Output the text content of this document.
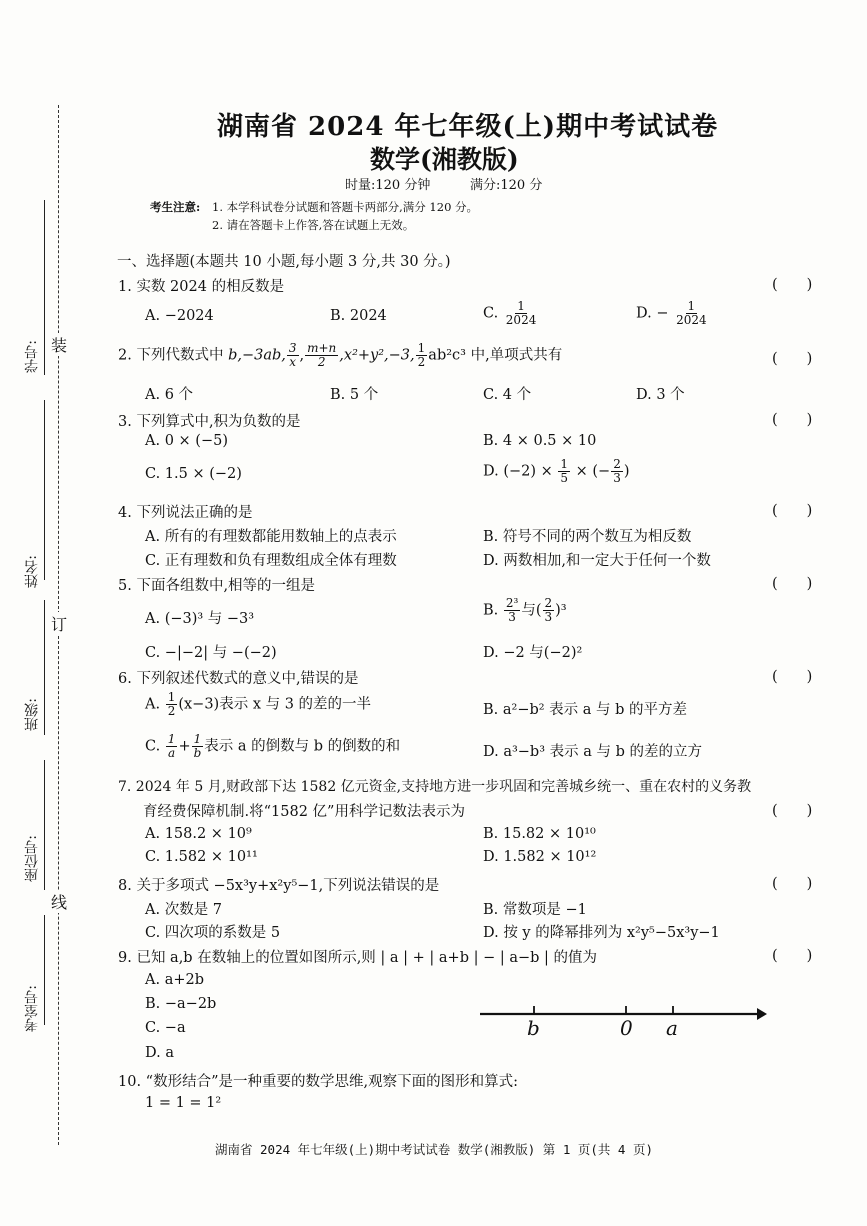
学号:
姓名:
班级:
座位号:
考室号:
装
订
线
湖南省 2024 年七年级(上)期中考试试卷
数学(湘教版)
时量:120 分钟	满分:120 分
考生注意: 1. 本学科试卷分试题和答题卡两部分,满分 120 分。
2. 请在答题卡上作答,答在试题上无效。
一、选择题(本题共 10 小题,每小题 3 分,共 30 分。)
1. 实数 2024 的相反数是	(　　)
A. −2024	B. 2024	C. $\frac{1}{2024}$	D. − $\frac{1}{2024}$
2. 下列代数式中 b,−3ab, $\frac{3}{x}$ , $\frac{m+n}{2} ,x^2+y^2,-3$, $\frac{1}{2} ab^2c^3$ 中,单项式共有	(　　)
A. 6 个	B. 5 个	C. 4 个	D. 3 个
3. 下列算式中,积为负数的是	(　　)
A. 0 × (−5)	B. 4 × 0.5 × 10
C. 1.5 × (−2)	D. $(-2) \times \frac{1}{5}$ × (− $\frac{2}{3}$ )
4. 下列说法正确的是	(　　)
A. 所有的有理数都能用数轴上的点表示	B. 符号不同的两个数互为相反数
C. 正有理数和负有理数组成全体有理数	D. 两数相加,和一定大于任何一个数
5. 下面各组数中,相等的一组是	(　　)
A. (−3)³ 与 −3³
B. $\frac{\text{2³}}{3}$ 与( $\frac{2}{3} )^3$
C. −|−2| 与 −(−2)	D. −2 与(−2)²
6. 下列叙述代数式的意义中,错误的是	(　　)
A. $\frac{1}{2} (x-3)$表示 x 与 3 的差的一半	B. a²−b² 表示 a 与 b 的平方差
C. $\frac{1}{a} + \frac{1}{b}$ 表示 a 的倒数与 b 的倒数的和	D. a³−b³ 表示 a 与 b 的差的立方
7. 2024 年 5 月,财政部下达 1582 亿元资金,支持地方进一步巩固和完善城乡统一、重在农村的义务教
育经费保障机制.将“1582 亿”用科学记数法表示为	(　　)
A. 158.2 × 10⁹	B. 15.82 × 10¹⁰
C. 1.582 × 10¹¹	D. 1.582 × 10¹²
8. 关于多项式 −5x³y+x²y⁵−1,下列说法错误的是	(　　)
A. 次数是 7	B. 常数项是 −1
C. 四次项的系数是 5	D. 按 y 的降幂排列为 x²y⁵−5x³y−1
9. 已知 a,b 在数轴上的位置如图所示,则 | a | + | a+b | − | a−b | 的值为	(　　)
A. a+2b
B. −a−2b
C. −a
D. a
b	0 a
10. “数形结合”是一种重要的数学思维,观察下面的图形和算式:
1 = 1 = 1²
湖南省 2024 年七年级(上)期中考试试卷 数学(湘教版) 第 1 页(共 4 页)
